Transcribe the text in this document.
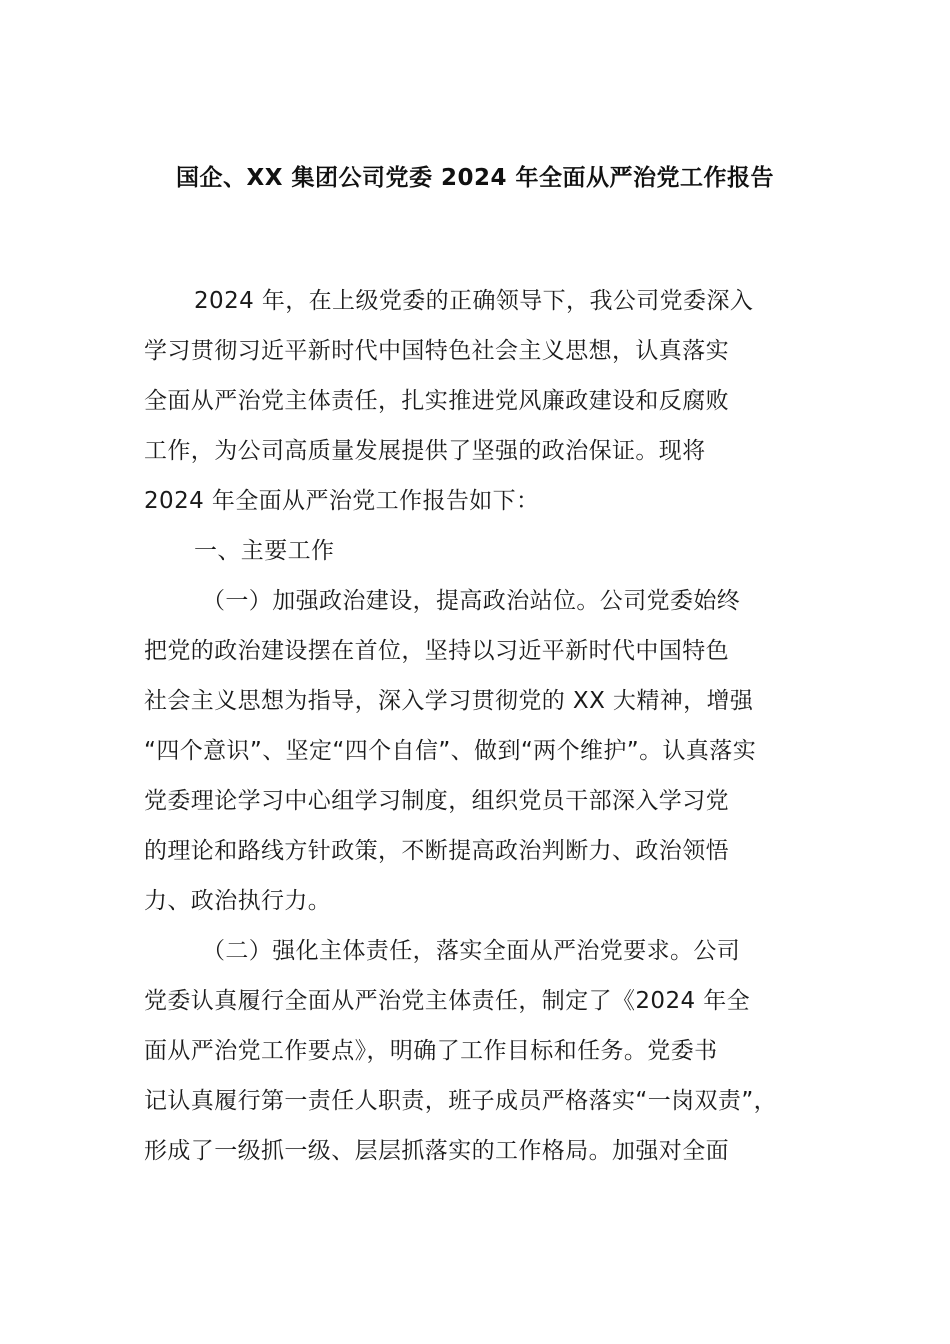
国企、XX 集团公司党委 2024 年全面从严治党工作报告
2024 年，在上级党委的正确领导下，我公司党委深入
学习贯彻习近平新时代中国特色社会主义思想，认真落实
全面从严治党主体责任，扎实推进党风廉政建设和反腐败
工作，为公司高质量发展提供了坚强的政治保证。现将
2024 年全面从严治党工作报告如下：
一、主要工作
（一）加强政治建设，提高政治站位。公司党委始终
把党的政治建设摆在首位，坚持以习近平新时代中国特色
社会主义思想为指导，深入学习贯彻党的 XX 大精神，增强
“四个意识”、坚定“四个自信”、做到“两个维护”。认真落实
党委理论学习中心组学习制度，组织党员干部深入学习党
的理论和路线方针政策，不断提高政治判断力、政治领悟
力、政治执行力。
（二）强化主体责任，落实全面从严治党要求。公司
党委认真履行全面从严治党主体责任，制定了《2024 年全
面从严治党工作要点》，明确了工作目标和任务。党委书
记认真履行第一责任人职责，班子成员严格落实“一岗双责”，
形成了一级抓一级、层层抓落实的工作格局。加强对全面
